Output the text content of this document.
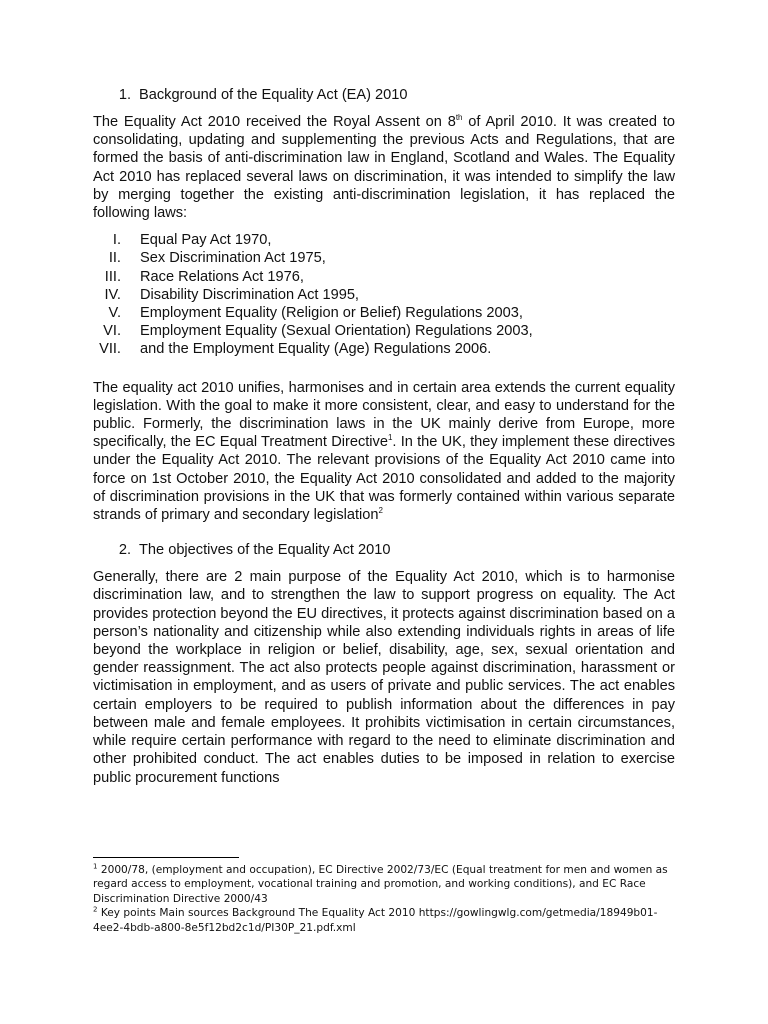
1. Background of the Equality Act (EA) 2010

The Equality Act 2010 received the Royal Assent on 8th of April 2010. It was created to consolidating, updating and supplementing the previous Acts and Regulations, that are formed the basis of anti-discrimination law in England, Scotland and Wales. The Equality Act 2010 has replaced several laws on discrimination, it was intended to simplify the law by merging together the existing anti-discrimination legislation, it has replaced the following laws:

I.	Equal Pay Act 1970,
II.	Sex Discrimination Act 1975,
III.	Race Relations Act 1976,
IV.	Disability Discrimination Act 1995,
V.	Employment Equality (Religion or Belief) Regulations 2003,
VI.	Employment Equality (Sexual Orientation) Regulations 2003,
VII.	and the Employment Equality (Age) Regulations 2006.

The equality act 2010 unifies, harmonises and in certain area extends the current equality legislation. With the goal to make it more consistent, clear, and easy to understand for the public. Formerly, the discrimination laws in the UK mainly derive from Europe, more specifically, the EC Equal Treatment Directive$^1$. In the UK, they implement these directives under the Equality Act 2010. The relevant provisions of the Equality Act 2010 came into force on 1st October 2010, the Equality Act 2010 consolidated and added to the majority of discrimination provisions in the UK that was formerly contained within various separate strands of primary and secondary legislation$^2$

2. The objectives of the Equality Act 2010

Generally, there are 2 main purpose of the Equality Act 2010, which is to harmonise discrimination law, and to strengthen the law to support progress on equality. The Act provides protection beyond the EU directives, it protects against discrimination based on a person’s nationality and citizenship while also extending individuals rights in areas of life beyond the workplace in religion or belief, disability, age, sex, sexual orientation and gender reassignment. The act also protects people against discrimination, harassment or victimisation in employment, and as users of private and public services. The act enables certain employers to be required to publish information about the differences in pay between male and female employees. It prohibits victimisation in certain circumstances, while require certain performance with regard to the need to eliminate discrimination and other prohibited conduct. The act enables duties to be imposed in relation to exercise public procurement functions

$^1$ 2000/78, (employment and occupation), EC Directive 2002/73/EC (Equal treatment for men and women as regard access to employment, vocational training and promotion, and working conditions), and EC Race Discrimination Directive 2000/43
$^2$ Key points Main sources Background The Equality Act 2010 https://gowlingwlg.com/getmedia/18949b01-4ee2-4bdb-a800-8e5f12bd2c1d/PI30P_21.pdf.xml
